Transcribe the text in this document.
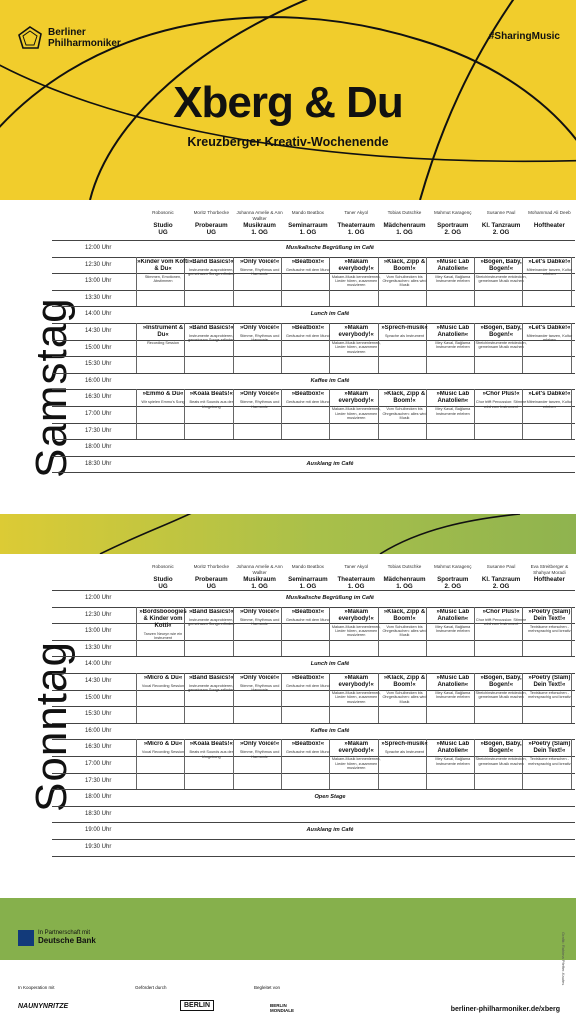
Berliner
Philharmoniker
#SharingMusic
Xberg & Du
Kreuzberger Kreativ-Wochenende
Samstag
Robosonic
Studio
UG
Moritz Thorbecke
Proberaum
UG
Johanna Amelie & Ann Wallter
Musikraum
1. OG
Mando Beatbox
Seminarraum
1. OG
Taner Akyol
Theaterraum
1. OG
Tobias Dutschke
Mädchenraum
1. OG
Mahmut Karagenç
Sportraum
2. OG
Susanne Paul
Kl. Tanzraum
2. OG
Mohammad Ali Deeb
Hoftheater
12:00 Uhr
12:30 Uhr
13:00 Uhr
13:30 Uhr
14:00 Uhr
14:30 Uhr
15:00 Uhr
15:30 Uhr
16:00 Uhr
16:30 Uhr
17:00 Uhr
17:30 Uhr
18:00 Uhr
18:30 Uhr
Musikalische Begrüßung im Café
Lunch im Café
Kaffee im Café
Ausklang im Café
»Kinder vom Kotti & Du«
Stimmen, Emotionen, Abstimmen
»Band Basics!«
Instrumente ausprobieren, gemeinsam Songs erfinden
»Only Voice!«
Stimme, Rhythmus und Harmonie
»Beatbox!«
Geräusche mit dem Mund
»Makam everybody!«
Makam-Musik kennenlernen, Lieder hören, zusammen musizieren
»Klack, Zipp & Boom!«
Vom Schulbecken bis Ohrgeräuschen: alles wird Musik
»Music Lab Anatolien«
Mey Kaval, Bağlama Instrumente erleben
»Bogen, Baby, Bogen!«
Streichinstrumente entdecken, gemeinsam Musik machen
»Let's Dabke!«
Mitreinander tanzen, Kultur erleben
»Instrument & Du«
Recording Session
»Band Basics!«
Instrumente ausprobieren, gemeinsam Songs erfinden
»Only Voice!«
Stimme, Rhythmus und Harmonie
»Beatbox!«
Geräusche mit dem Mund
»Makam everybody!«
Makam-Musik kennenlernen, Lieder hören, zusammen musizieren
»Sprech-musik«
Sprache als Instrument
»Music Lab Anatolien«
Mey Kaval, Bağlama Instrumente erleben
»Bogen, Baby, Bogen!«
Streichinstrumente entdecken, gemeinsam Musik machen
»Let's Dabke!«
Mitreinander tanzen, Kultur erleben
»Emmo & Du«
Wir spielen Emmo's Song
»Koala Beats!«
Beats mit Sounds aus der Umgebung
»Only Voice!«
Stimme, Rhythmus und Harmonie
»Beatbox!«
Geräusche mit dem Mund
»Makam everybody!«
Makam-Musik kennenlernen, Lieder hören, zusammen musizieren
»Klack, Zipp & Boom!«
Vom Schulbecken bis Ohrgeräuschen: alles wird Musik
»Music Lab Anatolien«
Mey Kaval, Bağlama Instrumente erleben
»Chor Plus!«
Chor trifft Percussion: Stimme wird zum Instrument
»Let's Dabke!«
Mitreinander tanzen, Kultur erleben
Sonntag
Robosonic
Studio
UG
Moritz Thorbecke
Proberaum
UG
Johanna Amelie & Ann Wallter
Musikraum
1. OG
Mando Beatbox
Seminarraum
1. OG
Taner Akyol
Theaterraum
1. OG
Tobias Dutschke
Mädchenraum
1. OG
Mahmut Karagenç
Sportraum
2. OG
Susanne Paul
Kl. Tanzraum
2. OG
Eva Streitberger & Shahyar Moradi
Hoftheater
12:00 Uhr
12:30 Uhr
13:00 Uhr
13:30 Uhr
14:00 Uhr
14:30 Uhr
15:00 Uhr
15:30 Uhr
16:00 Uhr
16:30 Uhr
17:00 Uhr
17:30 Uhr
18:00 Uhr
18:30 Uhr
19:00 Uhr
19:30 Uhr
Musikalische Begrüßung im Café
Lunch im Café
Kaffee im Café
Open Stage
Ausklang im Café
»Bordsbooogies & Kinder vom Kotti«
Tanzen Neuryn wie ein Instrument
»Band Basics!«
Instrumente ausprobieren, gemeinsam Songs erfinden
»Only Voice!«
Stimme, Rhythmus und Harmonie
»Beatbox!«
Geräusche mit dem Mund
»Makam everybody!«
Makam-Musik kennenlernen, Lieder hören, zusammen musizieren
»Klack, Zipp & Boom!«
Vom Schulbecken bis Ohrgeräuschen: alles wird Musik
»Music Lab Anatolien«
Mey Kaval, Bağlama Instrumente erleben
»Chor Plus!«
Chor trifft Percussion: Stimme wird zum Instrument
»Poetry (Slam) Dein Text!«
Texträume erforschen - mehrsprachig und kreativ
»Micro & Du«
Vocal Recording Session
»Band Basics!«
Instrumente ausprobieren, gemeinsam Songs erfinden
»Only Voice!«
Stimme, Rhythmus und Harmonie
»Beatbox!«
Geräusche mit dem Mund
»Makam everybody!«
Makam-Musik kennenlernen, Lieder hören, zusammen musizieren
»Klack, Zipp & Boom!«
Vom Schulbecken bis Ohrgeräuschen: alles wird Musik
»Music Lab Anatolien«
Mey Kaval, Bağlama Instrumente erleben
»Bogen, Baby, Bogen!«
Streichinstrumente entdecken, gemeinsam Musik machen
»Poetry (Slam) Dein Text!«
Texträume erforschen - mehrsprachig und kreativ
»Micro & Du«
Vocal Recording Session
»Koala Beats!«
Beats mit Sounds aus der Umgebung
»Only Voice!«
Stimme, Rhythmus und Harmonie
»Beatbox!«
Geräusche mit dem Mund
»Makam everybody!«
Makam-Musik kennenlernen, Lieder hören, zusammen musizieren
»Sprech-musik«
Sprache als Instrument
»Music Lab Anatolien«
Mey Kaval, Bağlama Instrumente erleben
»Bogen, Baby, Bogen!«
Streichinstrumente entdecken, gemeinsam Musik machen
»Poetry (Slam) Dein Text!«
Texträume erforschen - mehrsprachig und kreativ
In Partnerschaft mit
Deutsche Bank	Grafik: Rahima Pfeffer-Kaufes
In Kooperation mit
NAUNYNRITZE
Gefördert durch
BERLIN
Begleitet von
BERLIN MONDIALE	berliner-philharmoniker.de/xberg
